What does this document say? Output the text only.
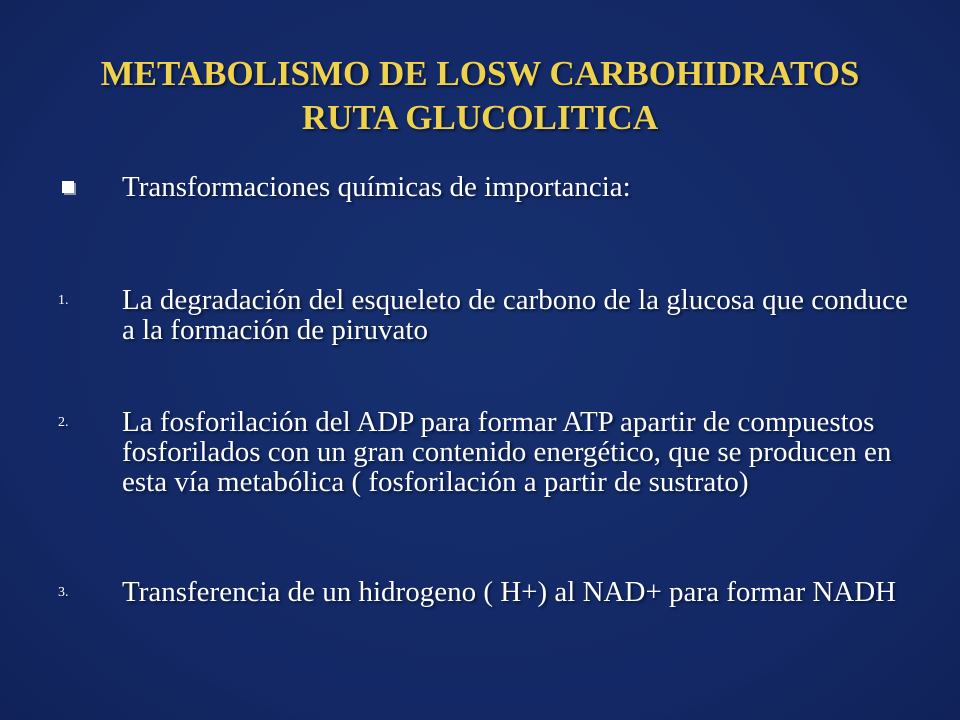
METABOLISMO DE LOSW CARBOHIDRATOS
RUTA GLUCOLITICA
Transformaciones químicas de importancia:
1. La degradación del esqueleto de carbono de la glucosa que conduce a la formación de piruvato
2. La fosforilación del ADP para formar ATP apartir de compuestos fosforilados con un gran contenido energético, que se producen en esta vía metabólica ( fosforilación a partir de sustrato)
3. Transferencia de un hidrogeno ( H+) al NAD+ para formar NADH
